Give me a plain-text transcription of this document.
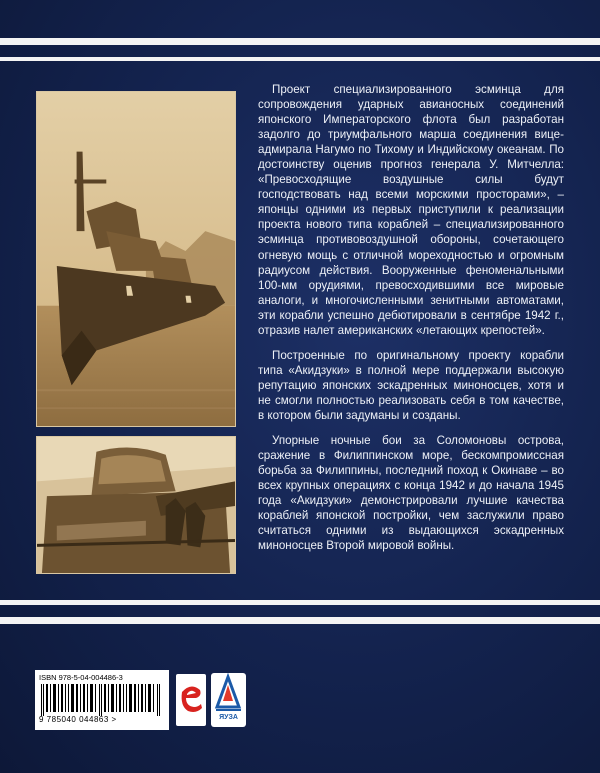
Проект специализированного эсминца для сопровождения ударных авианосных соединений японского Императорского флота был разработан задолго до триумфального марша соединения вице-адмирала Нагумо по Тихому и Индийскому океанам. По достоинству оценив прогноз генерала У. Митчелла: «Превосходящие воздушные силы будут господствовать над всеми морскими просторами», – японцы одними из первых приступили к реализации проекта нового типа кораблей – специализированного эсминца противовоздушной обороны, сочетающего огневую мощь с отличной мореходностью и огромным радиусом действия. Вооруженные феноменальными 100-мм орудиями, превосходившими все мировые аналоги, и многочисленными зенитными автоматами, эти корабли успешно дебютировали в сентябре 1942 г., отразив налет американских «летающих крепостей».

Построенные по оригинальному проекту корабли типа «Акидзуки» в полной мере поддержали высокую репутацию японских эскадренных миноносцев, хотя и не смогли полностью реализовать себя в том качестве, в котором были задуманы и созданы.

Упорные ночные бои за Соломоновы острова, сражение в Филиппинском море, бескомпромиссная борьба за Филиппины, последний поход к Окинаве – во всех крупных операциях с конца 1942 и до начала 1945 года «Акидзуки» демонстрировали лучшие качества кораблей японской постройки, чем заслужили право считаться одними из выдающихся эскадренных миноносцев Второй мировой войны.

ISBN 978-5-04-004486-3
9 785040 044863 >	ЯУЗА
